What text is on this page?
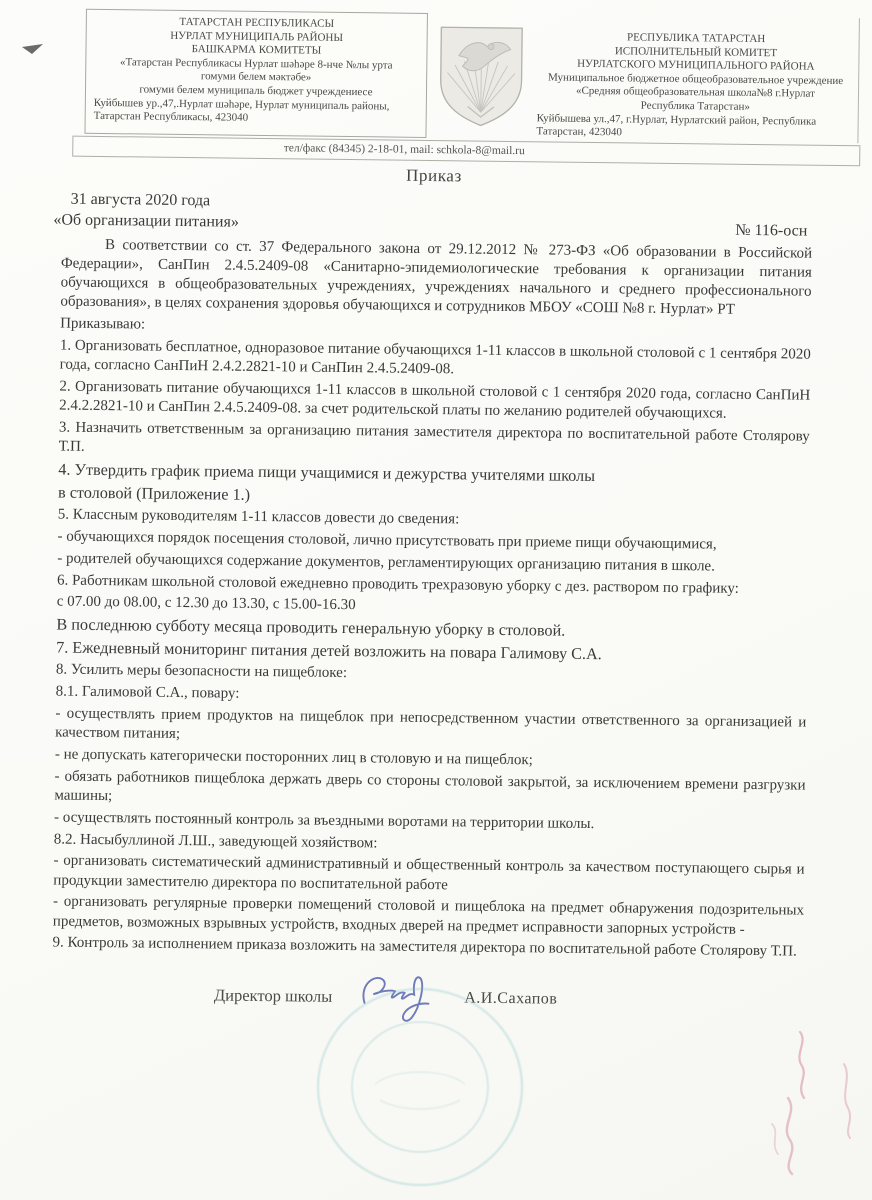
ТАТАРСТАН РЕСПУБЛИКАСЫ
НУРЛАТ МУНИЦИПАЛЬ РАЙОНЫ
БАШКАРМА КОМИТЕТЫ
«Татарстан Республикасы Нурлат шәһәре 8-нче №лы урта
гомуми белем мәктәбе»
гомуми белем муниципаль бюджет учреждениесе
Куйбышев ур.,47,.Нурлат шәһәре, Нурлат муниципаль районы,
Татарстан Республикасы, 423040
РЕСПУБЛИКА ТАТАРСТАН
ИСПОЛНИТЕЛЬНЫЙ КОМИТЕТ
НУРЛАТСКОГО МУНИЦИПАЛЬНОГО РАЙОНА
Муниципальное бюджетное общеобразовательное учреждение
«Средняя общеобразовательная школа№8 г.Нурлат
Республика Татарстан»
Куйбышева ул.,47, г.Нурлат, Нурлатский район, Республика
Татарстан, 423040
тел/факс (84345) 2-18-01, mail: schkola-8@mail.ru
Приказ
31 августа 2020 года
«Об организации питания»
№ 116-осн

В соответствии со ст. 37 Федерального закона от 29.12.2012 № 273-ФЗ «Об образовании в Российской Федерации», СанПин 2.4.5.2409-08 «Санитарно-эпидемиологические требования к организации питания обучающихся в общеобразовательных учреждениях, учреждениях начального и среднего профессионального образования», в целях сохранения здоровья обучающихся и сотрудников МБОУ «СОШ №8 г. Нурлат» РТ

Приказываю:

1. Организовать бесплатное, одноразовое питание обучающихся 1-11 классов в школьной столовой с 1 сентября 2020 года, согласно СанПиН 2.4.2.2821-10 и СанПин 2.4.5.2409-08.

2. Организовать питание обучающихся 1-11 классов в школьной столовой с 1 сентября 2020 года, согласно СанПиН 2.4.2.2821-10 и СанПин 2.4.5.2409-08. за счет родительской платы по желанию родителей обучающихся.

3. Назначить ответственным за организацию питания заместителя директора по воспитательной работе Столярову Т.П.

4. Утвердить график приема пищи учащимися и дежурства учителями школы

в столовой (Приложение 1.)

5. Классным руководителям 1-11 классов довести до сведения:

- обучающихся порядок посещения столовой, лично присутствовать при приеме пищи обучающимися,

- родителей обучающихся содержание документов, регламентирующих организацию питания в школе.

6. Работникам школьной столовой ежедневно проводить трехразовую уборку с дез. раствором по графику:

с 07.00 до 08.00, с 12.30 до 13.30, с 15.00-16.30

В последнюю субботу месяца проводить генеральную уборку в столовой.

7. Ежедневный мониторинг питания детей возложить на повара Галимову С.А.

8. Усилить меры безопасности на пищеблоке:

8.1. Галимовой С.А., повару:

- осуществлять прием продуктов на пищеблок при непосредственном участии ответственного за организацией и качеством питания;

- не допускать категорически посторонних лиц в столовую и на пищеблок;

- обязать работников пищеблока держать дверь со стороны столовой закрытой, за исключением времени разгрузки машины;

- осуществлять постоянный контроль за въездными воротами на территории школы.

8.2. Насыбуллиной Л.Ш., заведующей хозяйством:

- организовать систематический административный и общественный контроль за качеством поступающего сырья и продукции заместителю директора по воспитательной работе

- организовать регулярные проверки помещений столовой и пищеблока на предмет обнаружения подозрительных предметов, возможных взрывных устройств, входных дверей на предмет исправности запорных устройств -

9. Контроль за исполнением приказа возложить на заместителя директора по воспитательной работе Столярову Т.П.

Директор школы	А.И.Сахапов
